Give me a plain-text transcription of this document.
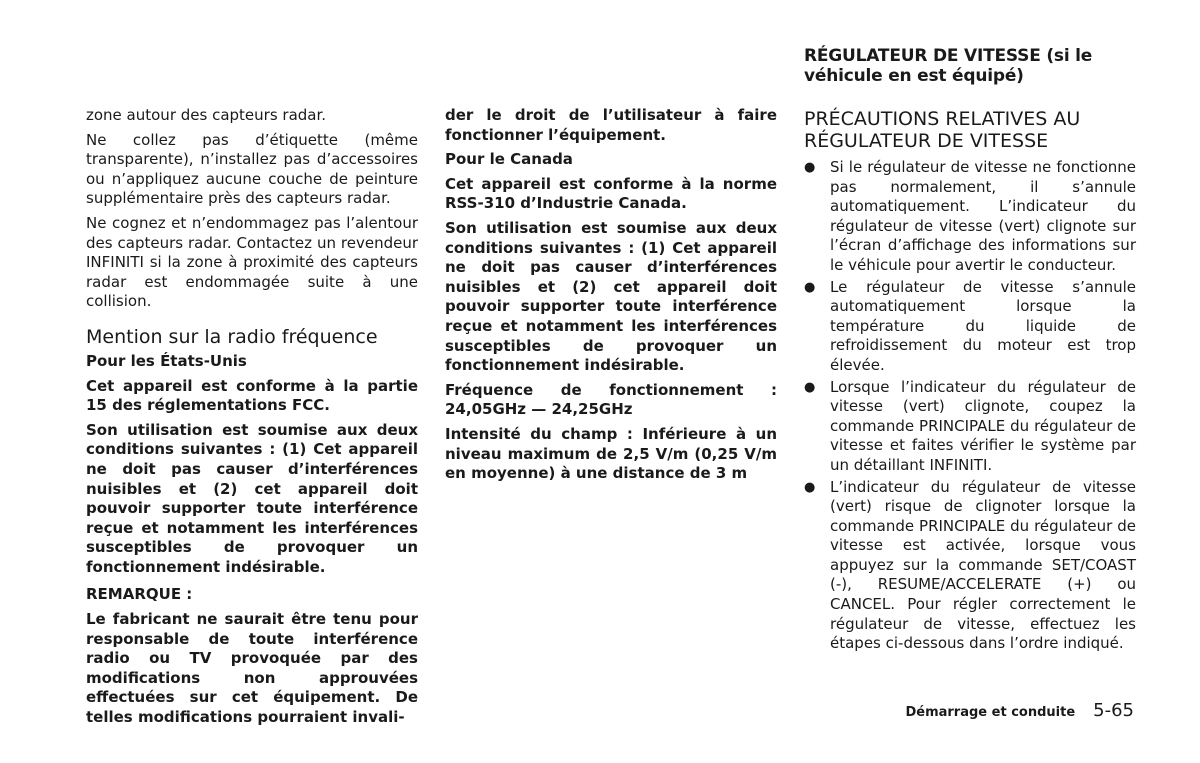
zone autour des capteurs radar.

Ne collez pas d’étiquette (même transparente), n’installez pas d’accessoires ou n’appliquez aucune couche de peinture supplémentaire près des capteurs radar.

Ne cognez et n’endommagez pas l’alentour des capteurs radar. Contactez un revendeur INFINITI si la zone à proximité des capteurs radar est endommagée suite à une collision.

Mention sur la radio fréquence

Pour les États-Unis

Cet appareil est conforme à la partie 15 des réglementations FCC.

Son utilisation est soumise aux deux conditions suivantes : (1) Cet appareil ne doit pas causer d’interférences nuisibles et (2) cet appareil doit pouvoir supporter toute interférence reçue et notamment les interférences susceptibles de provoquer un fonctionnement indésirable.

REMARQUE :

Le fabricant ne saurait être tenu pour responsable de toute interférence radio ou TV provoquée par des modifications non approuvées effectuées sur cet équipement. De telles modifications pourraient invali-

der le droit de l’utilisateur à faire fonctionner l’équipement.

Pour le Canada

Cet appareil est conforme à la norme RSS-310 d’Industrie Canada.

Son utilisation est soumise aux deux conditions suivantes : (1) Cet appareil ne doit pas causer d’interférences nuisibles et (2) cet appareil doit pouvoir supporter toute interférence reçue et notamment les interférences susceptibles de provoquer un fonctionnement indésirable.

Fréquence de fonctionnement : 24,05GHz — 24,25GHz

Intensité du champ : Inférieure à un niveau maximum de 2,5 V/m (0,25 V/m en moyenne) à une distance de 3 m

RÉGULATEUR DE VITESSE (si le véhicule en est équipé)
PRÉCAUTIONS RELATIVES AU RÉGULATEUR DE VITESSE
● Si le régulateur de vitesse ne fonctionne pas normalement, il s’annule automatiquement. L’indicateur du régulateur de vitesse (vert) clignote sur l’écran d’affichage des informations sur le véhicule pour avertir le conducteur.
● Le régulateur de vitesse s’annule automatiquement lorsque la température du liquide de refroidissement du moteur est trop élevée.
● Lorsque l’indicateur du régulateur de vitesse (vert) clignote, coupez la commande PRINCIPALE du régulateur de vitesse et faites vérifier le système par un détaillant INFINITI.
● L’indicateur du régulateur de vitesse (vert) risque de clignoter lorsque la commande PRINCIPALE du régulateur de vitesse est activée, lorsque vous appuyez sur la commande SET/COAST (-), RESUME/ACCELERATE (+) ou CANCEL. Pour régler correctement le régulateur de vitesse, effectuez les étapes ci-dessous dans l’ordre indiqué.
Démarrage et conduite 5-65
